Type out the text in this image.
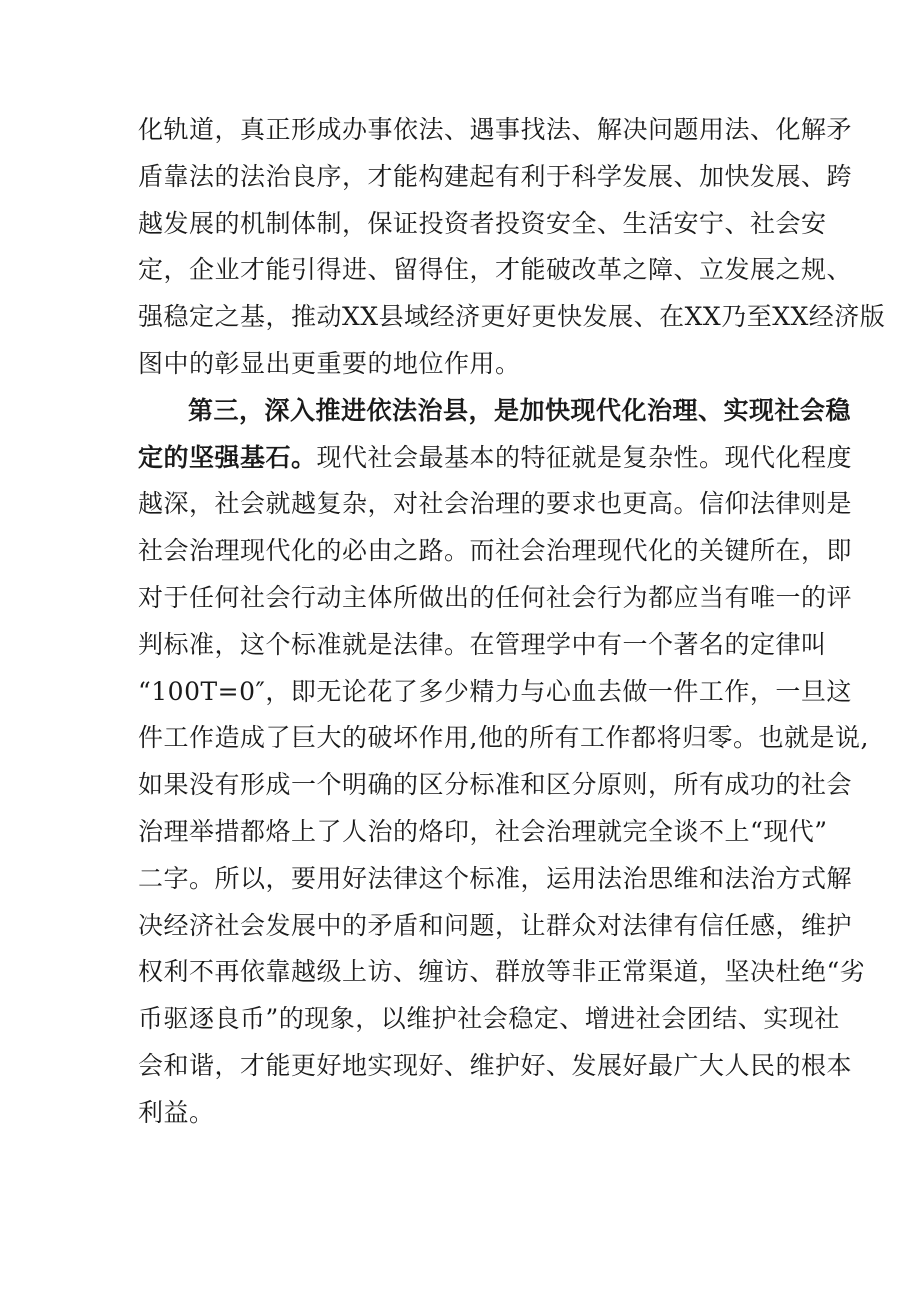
化轨道，真正形成办事依法、遇事找法、解决问题用法、化解矛
盾靠法的法治良序，才能构建起有利于科学发展、加快发展、跨
越发展的机制体制，保证投资者投资安全、生活安宁、社会安
定，企业才能引得进、留得住，才能破改革之障、立发展之规、
强稳定之基，推动XX县域经济更好更快发展、在XX乃至XX经济版
图中的彰显出更重要的地位作用。
第三，深入推进依法治县，是加快现代化治理、实现社会稳
定的坚强基石。现代社会最基本的特征就是复杂性。现代化程度
越深，社会就越复杂，对社会治理的要求也更高。信仰法律则是
社会治理现代化的必由之路。而社会治理现代化的关键所在，即
对于任何社会行动主体所做出的任何社会行为都应当有唯一的评
判标准，这个标准就是法律。在管理学中有一个著名的定律叫
“100T=0″，即无论花了多少精力与心血去做一件工作，一旦这
件工作造成了巨大的破坏作用,他的所有工作都将归零。也就是说,
如果没有形成一个明确的区分标准和区分原则，所有成功的社会
治理举措都烙上了人治的烙印，社会治理就完全谈不上“现代”
二字。所以，要用好法律这个标准，运用法治思维和法治方式解
决经济社会发展中的矛盾和问题，让群众对法律有信任感，维护
权利不再依靠越级上访、缠访、群放等非正常渠道，坚决杜绝“劣
币驱逐良币”的现象，以维护社会稳定、增进社会团结、实现社
会和谐，才能更好地实现好、维护好、发展好最广大人民的根本
利益。
